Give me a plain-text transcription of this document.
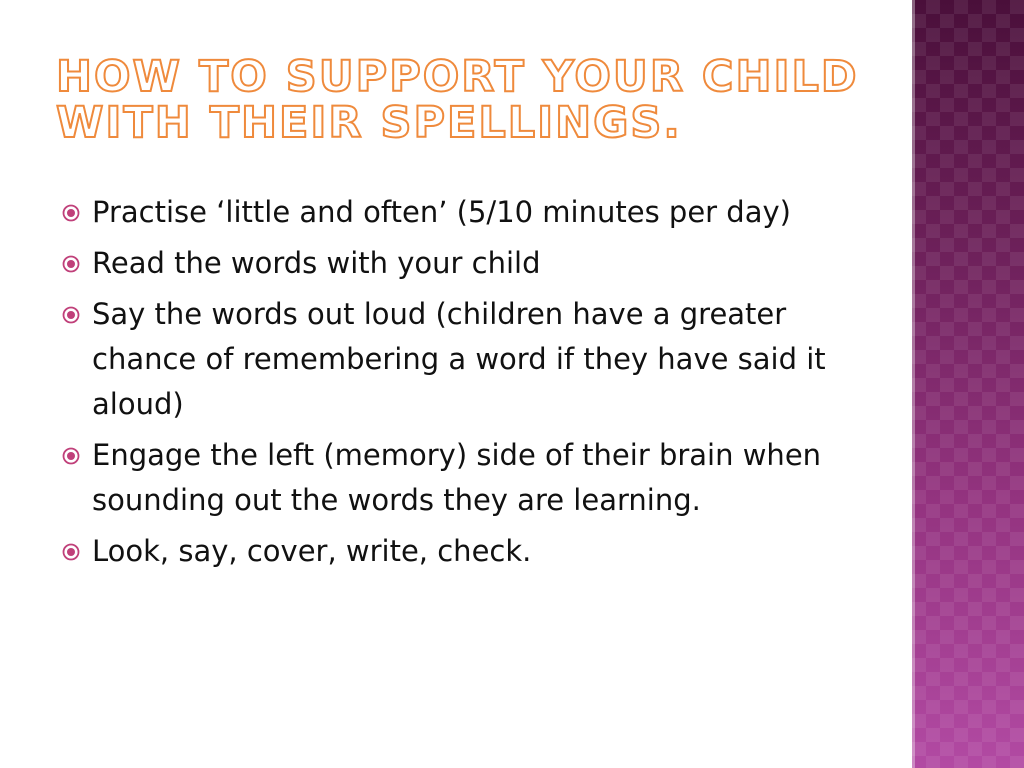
HOW TO SUPPORT YOUR CHILD
WITH THEIR SPELLINGS.
Practise ‘little and often’ (5/10 minutes per day)
Read the words with your child
Say the words out loud (children have a greater chance of remembering a word if they have said it aloud)
Engage the left (memory) side of their brain when sounding out the words they are learning.
Look, say, cover, write, check.
